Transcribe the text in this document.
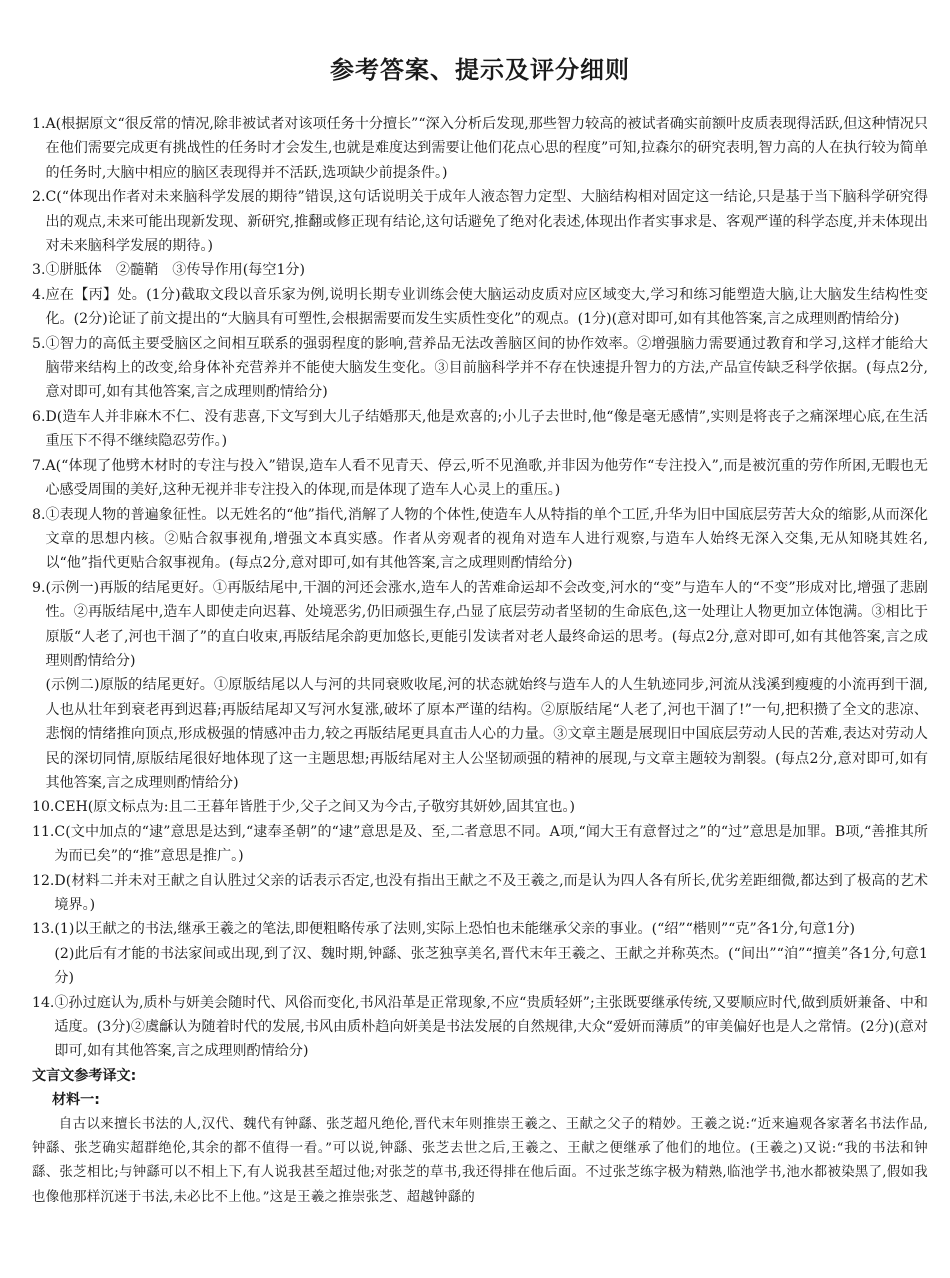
参考答案、提示及评分细则
1. A(根据原文“很反常的情况,除非被试者对该项任务十分擅长”“深入分析后发现,那些智力较高的被试者确实前额叶皮质表现得活跃,但这种情况只在他们需要完成更有挑战性的任务时才会发生,也就是难度达到需要让他们花点心思的程度”可知,拉森尔的研究表明,智力高的人在执行较为简单的任务时,大脑中相应的脑区表现得并不活跃,选项缺少前提条件。)

2. C(“体现出作者对未来脑科学发展的期待”错误,这句话说明关于成年人液态智力定型、大脑结构相对固定这一结论,只是基于当下脑科学研究得出的观点,未来可能出现新发现、新研究,推翻或修正现有结论,这句话避免了绝对化表述,体现出作者实事求是、客观严谨的科学态度,并未体现出对未来脑科学发展的期待。)

3. ①胼胝体　②髓鞘　③传导作用(每空1分)

4. 应在【丙】处。(1分)截取文段以音乐家为例,说明长期专业训练会使大脑运动皮质对应区域变大,学习和练习能塑造大脑,让大脑发生结构性变化。(2分)论证了前文提出的“大脑具有可塑性,会根据需要而发生实质性变化”的观点。(1分)(意对即可,如有其他答案,言之成理则酌情给分)

5. ①智力的高低主要受脑区之间相互联系的强弱程度的影响,营养品无法改善脑区间的协作效率。②增强脑力需要通过教育和学习,这样才能给大脑带来结构上的改变,给身体补充营养并不能使大脑发生变化。③目前脑科学并不存在快速提升智力的方法,产品宣传缺乏科学依据。(每点2分,意对即可,如有其他答案,言之成理则酌情给分)

6. D(造车人并非麻木不仁、没有悲喜,下文写到大儿子结婚那天,他是欢喜的;小儿子去世时,他“像是毫无感情”,实则是将丧子之痛深埋心底,在生活重压下不得不继续隐忍劳作。)

7. A(“体现了他劈木材时的专注与投入”错误,造车人看不见青天、停云,听不见渔歌,并非因为他劳作“专注投入”,而是被沉重的劳作所困,无暇也无心感受周围的美好,这种无视并非专注投入的体现,而是体现了造车人心灵上的重压。)

8. ①表现人物的普遍象征性。以无姓名的“他”指代,消解了人物的个体性,使造车人从特指的单个工匠,升华为旧中国底层劳苦大众的缩影,从而深化文章的思想内核。②贴合叙事视角,增强文本真实感。作者从旁观者的视角对造车人进行观察,与造车人始终无深入交集,无从知晓其姓名,以“他”指代更贴合叙事视角。(每点2分,意对即可,如有其他答案,言之成理则酌情给分)

9. (示例一)再版的结尾更好。①再版结尾中,干涸的河还会涨水,造车人的苦难命运却不会改变,河水的“变”与造车人的“不变”形成对比,增强了悲剧性。②再版结尾中,造车人即使走向迟暮、处境恶劣,仍旧顽强生存,凸显了底层劳动者坚韧的生命底色,这一处理让人物更加立体饱满。③相比于原版“人老了,河也干涸了”的直白收束,再版结尾余韵更加悠长,更能引发读者对老人最终命运的思考。(每点2分,意对即可,如有其他答案,言之成理则酌情给分)

(示例二)原版的结尾更好。①原版结尾以人与河的共同衰败收尾,河的状态就始终与造车人的人生轨迹同步,河流从浅溪到瘦瘦的小流再到干涸,人也从壮年到衰老再到迟暮;再版结尾却又写河水复涨,破坏了原本严谨的结构。②原版结尾“人老了,河也干涸了!”一句,把积攒了全文的悲凉、悲悯的情绪推向顶点,形成极强的情感冲击力,较之再版结尾更具直击人心的力量。③文章主题是展现旧中国底层劳动人民的苦难,表达对劳动人民的深切同情,原版结尾很好地体现了这一主题思想;再版结尾对主人公坚韧顽强的精神的展现,与文章主题较为割裂。(每点2分,意对即可,如有其他答案,言之成理则酌情给分)

10. CEH(原文标点为:且二王暮年皆胜于少,父子之间又为今古,子敬穷其妍妙,固其宜也。)

11. C(文中加点的“逮”意思是达到,“逮奉圣朝”的“逮”意思是及、至,二者意思不同。A项,“闻大王有意督过之”的“过”意思是加罪。B项,“善推其所为而已矣”的“推”意思是推广。)

12. D(材料二并未对王献之自认胜过父亲的话表示否定,也没有指出王献之不及王羲之,而是认为四人各有所长,优劣差距细微,都达到了极高的艺术境界。)

13. (1)以王献之的书法,继承王羲之的笔法,即便粗略传承了法则,实际上恐怕也未能继承父亲的事业。(“绍”“楷则”“克”各1分,句意1分)

(2)此后有才能的书法家间或出现,到了汉、魏时期,钟繇、张芝独享美名,晋代末年王羲之、王献之并称英杰。(“间出”“洎”“擅美”各1分,句意1分)

14. ①孙过庭认为,质朴与妍美会随时代、风俗而变化,书风沿革是正常现象,不应“贵质轻妍”;主张既要继承传统,又要顺应时代,做到质妍兼备、中和适度。(3分)②虞龢认为随着时代的发展,书风由质朴趋向妍美是书法发展的自然规律,大众“爱妍而薄质”的审美偏好也是人之常情。(2分)(意对即可,如有其他答案,言之成理则酌情给分)

文言文参考译文:
材料一:

自古以来擅长书法的人,汉代、魏代有钟繇、张芝超凡绝伦,晋代末年则推崇王羲之、王献之父子的精妙。王羲之说:“近来遍观各家著名书法作品,钟繇、张芝确实超群绝伦,其余的都不值得一看。”可以说,钟繇、张芝去世之后,王羲之、王献之便继承了他们的地位。(王羲之)又说:“我的书法和钟繇、张芝相比;与钟繇可以不相上下,有人说我甚至超过他;对张芝的草书,我还得排在他后面。不过张芝练字极为精熟,临池学书,池水都被染黑了,假如我也像他那样沉迷于书法,未必比不上他。”这是王羲之推崇张芝、超越钟繇的
